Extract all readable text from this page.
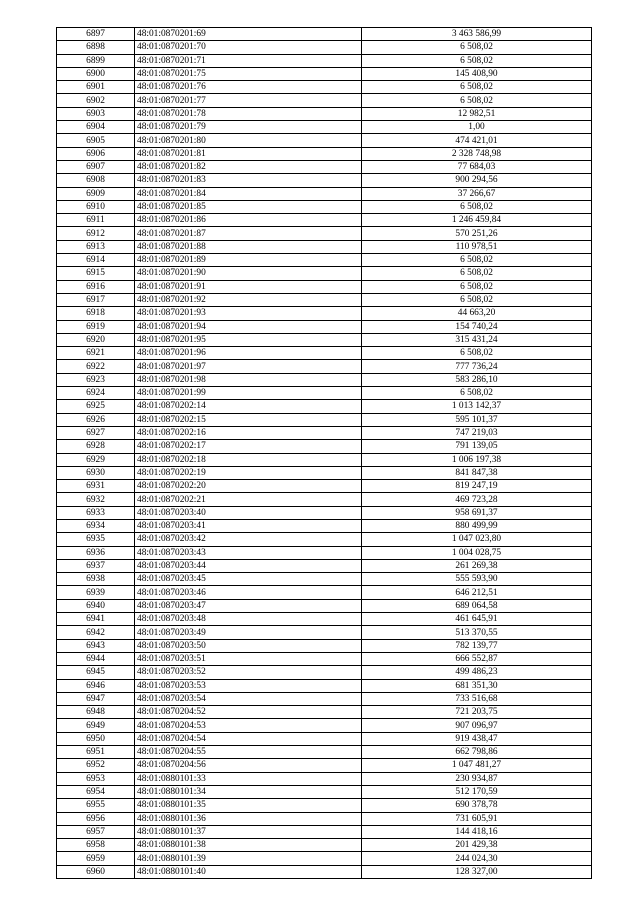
6897	48:01:0870201:69	3 463 586,99
6898	48:01:0870201:70	6 508,02
6899	48:01:0870201:71	6 508,02
6900	48:01:0870201:75	145 408,90
6901	48:01:0870201:76	6 508,02
6902	48:01:0870201:77	6 508,02
6903	48:01:0870201:78	12 982,51
6904	48:01:0870201:79	1,00
6905	48:01:0870201:80	474 421,01
6906	48:01:0870201:81	2 328 748,98
6907	48:01:0870201:82	77 684,03
6908	48:01:0870201:83	900 294,56
6909	48:01:0870201:84	37 266,67
6910	48:01:0870201:85	6 508,02
6911	48:01:0870201:86	1 246 459,84
6912	48:01:0870201:87	570 251,26
6913	48:01:0870201:88	110 978,51
6914	48:01:0870201:89	6 508,02
6915	48:01:0870201:90	6 508,02
6916	48:01:0870201:91	6 508,02
6917	48:01:0870201:92	6 508,02
6918	48:01:0870201:93	44 663,20
6919	48:01:0870201:94	154 740,24
6920	48:01:0870201:95	315 431,24
6921	48:01:0870201:96	6 508,02
6922	48:01:0870201:97	777 736,24
6923	48:01:0870201:98	583 286,10
6924	48:01:0870201:99	6 508,02
6925	48:01:0870202:14	1 013 142,37
6926	48:01:0870202:15	595 101,37
6927	48:01:0870202:16	747 219,03
6928	48:01:0870202:17	791 139,05
6929	48:01:0870202:18	1 006 197,38
6930	48:01:0870202:19	841 847,38
6931	48:01:0870202:20	819 247,19
6932	48:01:0870202:21	469 723,28
6933	48:01:0870203:40	958 691,37
6934	48:01:0870203:41	880 499,99
6935	48:01:0870203:42	1 047 023,80
6936	48:01:0870203:43	1 004 028,75
6937	48:01:0870203:44	261 269,38
6938	48:01:0870203:45	555 593,90
6939	48:01:0870203:46	646 212,51
6940	48:01:0870203:47	689 064,58
6941	48:01:0870203:48	461 645,91
6942	48:01:0870203:49	513 370,55
6943	48:01:0870203:50	782 139,77
6944	48:01:0870203:51	666 552,87
6945	48:01:0870203:52	499 486,23
6946	48:01:0870203:53	681 351,30
6947	48:01:0870203:54	733 516,68
6948	48:01:0870204:52	721 203,75
6949	48:01:0870204:53	907 096,97
6950	48:01:0870204:54	919 438,47
6951	48:01:0870204:55	662 798,86
6952	48:01:0870204:56	1 047 481,27
6953	48:01:0880101:33	230 934,87
6954	48:01:0880101:34	512 170,59
6955	48:01:0880101:35	690 378,78
6956	48:01:0880101:36	731 605,91
6957	48:01:0880101:37	144 418,16
6958	48:01:0880101:38	201 429,38
6959	48:01:0880101:39	244 024,30
6960	48:01:0880101:40	128 327,00
